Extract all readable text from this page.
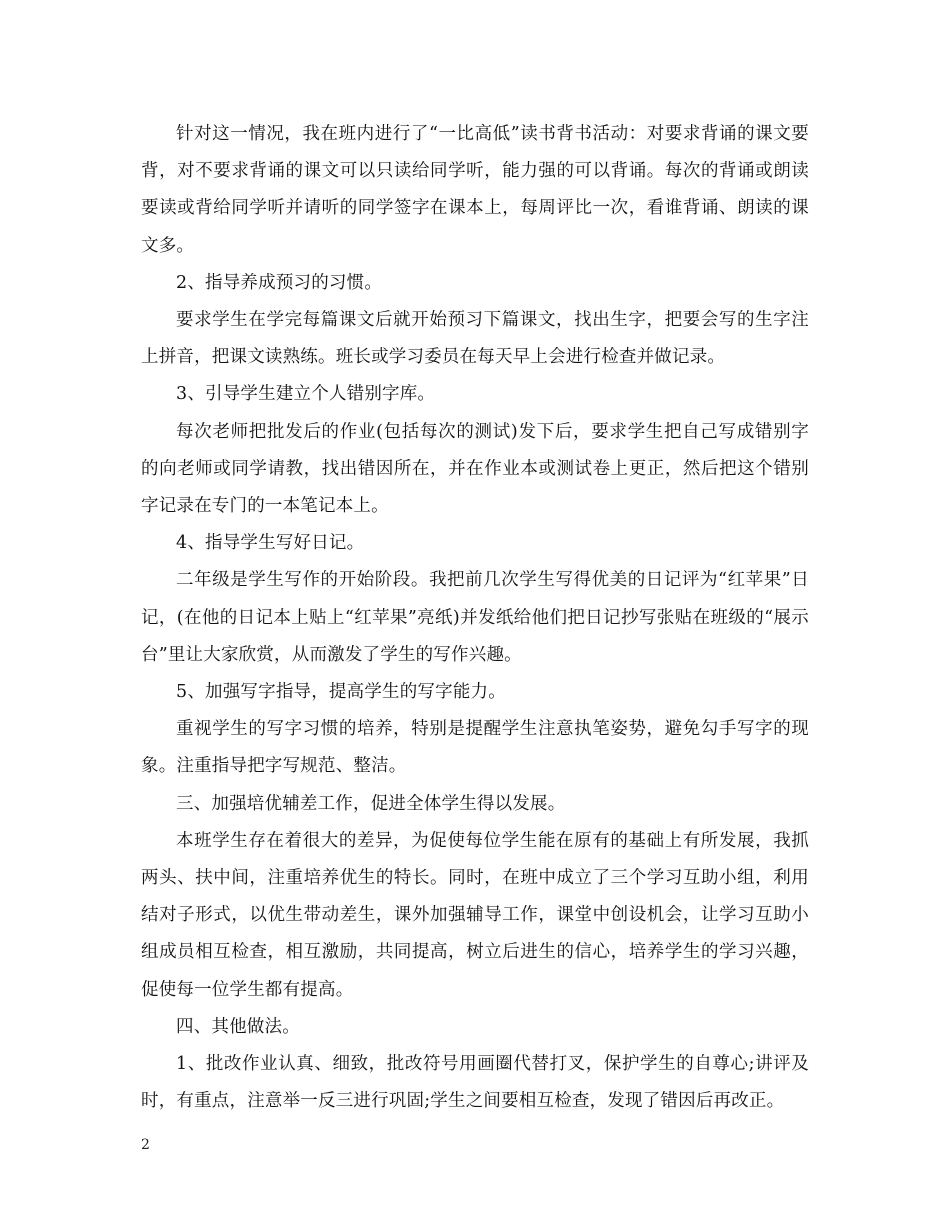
针对这一情况，我在班内进行了“一比高低”读书背书活动：对要求背诵的课文要背，对不要求背诵的课文可以只读给同学听，能力强的可以背诵。每次的背诵或朗读要读或背给同学听并请听的同学签字在课本上，每周评比一次，看谁背诵、朗读的课文多。

2、指导养成预习的习惯。

要求学生在学完每篇课文后就开始预习下篇课文，找出生字，把要会写的生字注上拼音，把课文读熟练。班长或学习委员在每天早上会进行检查并做记录。

3、引导学生建立个人错别字库。

每次老师把批发后的作业(包括每次的测试)发下后，要求学生把自己写成错别字的向老师或同学请教，找出错因所在，并在作业本或测试卷上更正，然后把这个错别字记录在专门的一本笔记本上。

4、指导学生写好日记。

二年级是学生写作的开始阶段。我把前几次学生写得优美的日记评为“红苹果”日记，(在他的日记本上贴上“红苹果”亮纸)并发纸给他们把日记抄写张贴在班级的“展示台”里让大家欣赏，从而激发了学生的写作兴趣。

5、加强写字指导，提高学生的写字能力。

重视学生的写字习惯的培养，特别是提醒学生注意执笔姿势，避免勾手写字的现象。注重指导把字写规范、整洁。

三、加强培优辅差工作，促进全体学生得以发展。

本班学生存在着很大的差异，为促使每位学生能在原有的基础上有所发展，我抓两头、扶中间，注重培养优生的特长。同时，在班中成立了三个学习互助小组，利用结对子形式，以优生带动差生，课外加强辅导工作，课堂中创设机会，让学习互助小组成员相互检查，相互激励，共同提高，树立后进生的信心，培养学生的学习兴趣，促使每一位学生都有提高。

四、其他做法。

1、批改作业认真、细致，批改符号用画圈代替打叉，保护学生的自尊心;讲评及时，有重点，注意举一反三进行巩固;学生之间要相互检查，发现了错因后再改正。

2
